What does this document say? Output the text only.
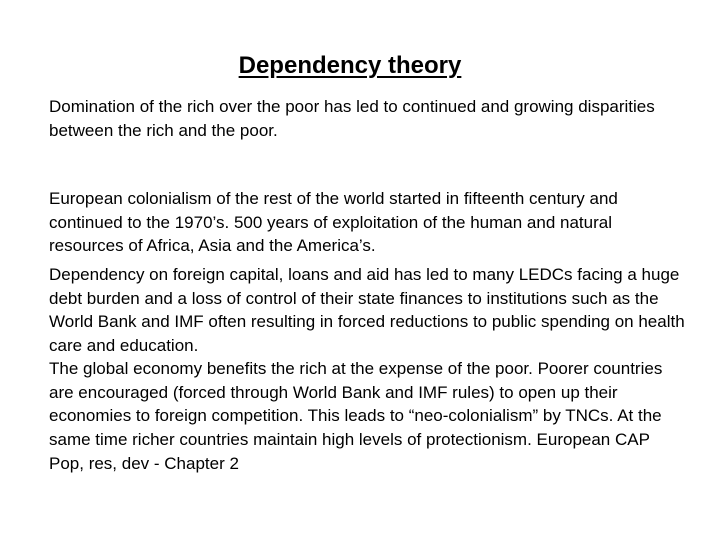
Dependency theory

Domination of the rich over the poor has led to continued and growing disparities between the rich and the poor.

European colonialism of the rest of the world started in fifteenth century and continued to the 1970’s. 500 years of exploitation of the human and natural resources of Africa, Asia and the America’s.

Dependency on foreign capital, loans and aid has led to many LEDCs facing a huge debt burden and a loss of control of their state finances to institutions such as the World Bank and IMF often resulting in forced reductions to public spending on health care and education.

The global economy benefits the rich at the expense of the poor. Poorer countries are encouraged (forced through World Bank and IMF rules) to open up their economies to foreign competition. This leads to “neo-colonialism” by TNCs. At the same time richer countries maintain high levels of protectionism. European CAP

Pop, res, dev - Chapter 2
